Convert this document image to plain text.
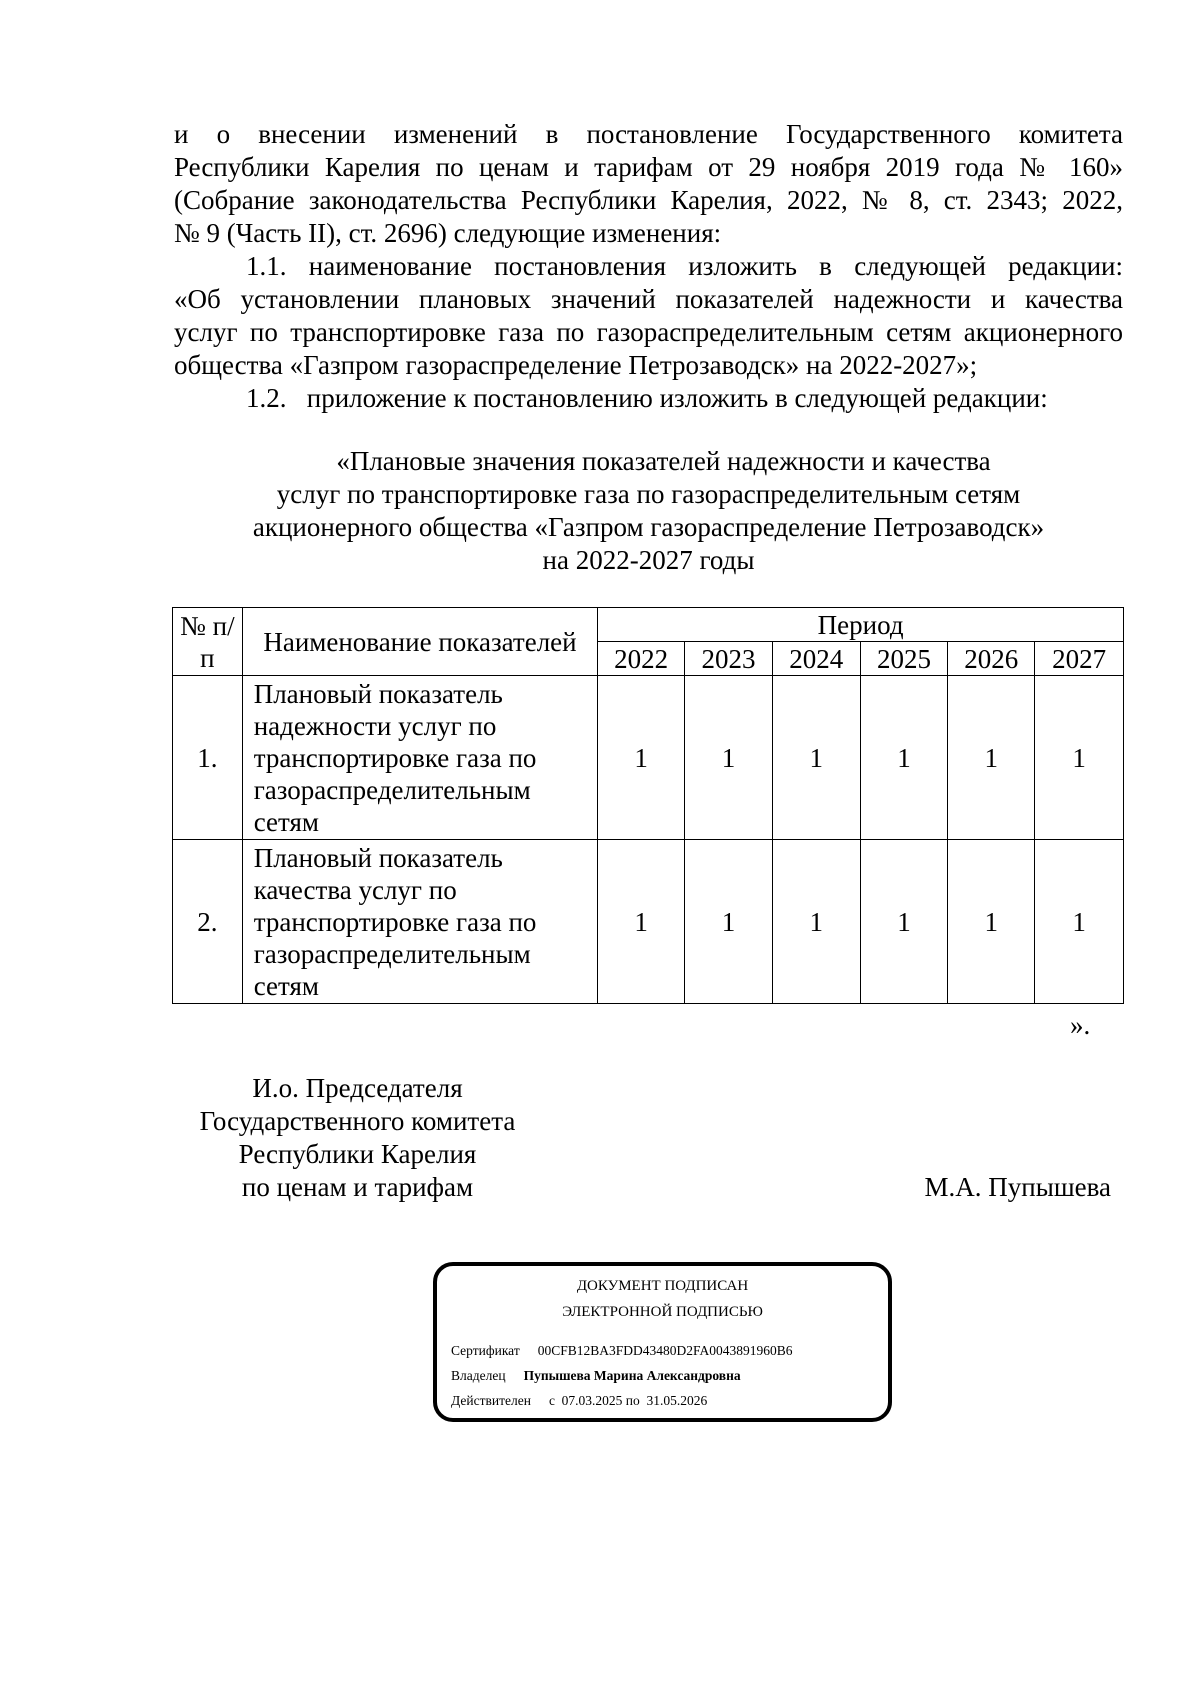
и о внесении изменений в постановление Государственного комитета
Республики Карелия по ценам и тарифам от 29 ноября 2019 года № 160»
(Собрание законодательства Республики Карелия, 2022, № 8, ст. 2343; 2022,
№ 9 (Часть II), ст. 2696) следующие изменения:
1.1. наименование постановления изложить в следующей редакции:
«Об установлении плановых значений показателей надежности и качества
услуг по транспортировке газа по газораспределительным сетям акционерного
общества «Газпром газораспределение Петрозаводск» на 2022-2027»;
1.2.   приложение к постановлению изложить в следующей редакции:
«Плановые значения показателей надежности и качества
услуг по транспортировке газа по газораспределительным сетям
акционерного общества «Газпром газораспределение Петрозаводск»
на 2022-2027 годы
№ п/п	Наименование показателей	Период					
		2022	2023	2024	2025	2026	2027
1.	Плановый показатель надежности услуг по транспортировке газа по газораспределительным сетям	1	1	1	1	1	1
2.	Плановый показатель качества услуг по транспортировке газа по газораспределительным сетям	1	1	1	1	1	1
».
И.о. Председателя
Государственного комитета
Республики Карелия
по ценам и тарифам	М.А. Пупышева
ДОКУМЕНТ ПОДПИСАН
ЭЛЕКТРОННОЙ ПОДПИСЬЮ
Сертификат 00CFB12BA3FDD43480D2FA0043891960B6
Владелец Пупышева Марина Александровна
Действителен с  07.03.2025 по  31.05.2026
